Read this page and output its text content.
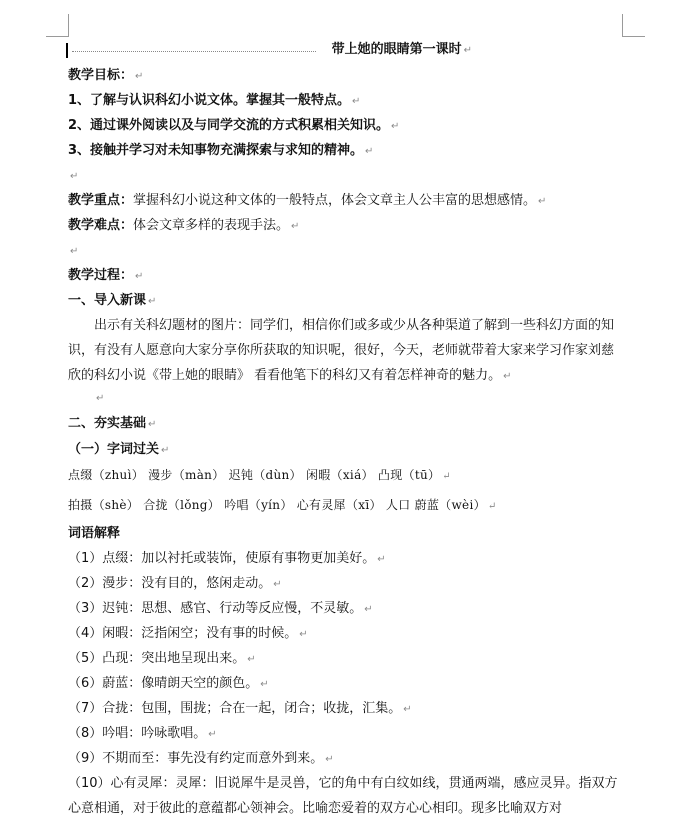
带上她的眼睛第一课时 ↵
教学目标： ↵
1、了解与认识科幻小说文体。掌握其一般特点。 ↵
2、通过课外阅读以及与同学交流的方式积累相关知识。 ↵
3、接触并学习对未知事物充满探索与求知的精神。 ↵
↵
教学重点：掌握科幻小说这种文体的一般特点，体会文章主人公丰富的思想感情。 ↵
教学难点：体会文章多样的表现手法。 ↵
↵
教学过程： ↵
一、导入新课 ↵
出示有关科幻题材的图片：同学们，相信你们或多或少从各种渠道了解到一些科幻方面的知识，有没有人愿意向大家分享你所获取的知识呢，很好，今天，老师就带着大家来学习作家刘慈欣的科幻小说《带上她的眼睛》 看看他笔下的科幻又有着怎样神奇的魅力。 ↵
↵
二、夯实基础 ↵
（一）字词过关 ↵
点缀（zhuì） 漫步（màn） 迟钝（dùn） 闲暇（xiá） 凸现（tū） ↵
拍摄（shè） 合拢（lǒng） 吟唱（yín） 心有灵犀（xī） 人口 蔚蓝（wèi） ↵
词语解释
（1）点缀：加以衬托或装饰，使原有事物更加美好。 ↵
（2）漫步：没有目的，悠闲走动。 ↵
（3）迟钝：思想、感官、行动等反应慢，不灵敏。 ↵
（4）闲暇：泛指闲空；没有事的时候。 ↵
（5）凸现：突出地呈现出来。 ↵
（6）蔚蓝：像晴朗天空的颜色。 ↵
（7）合拢：包围，围拢；合在一起，闭合；收拢，汇集。 ↵
（8）吟唱：吟咏歌唱。 ↵
（9）不期而至：事先没有约定而意外到来。 ↵
（10）心有灵犀：灵犀：旧说犀牛是灵兽，它的角中有白纹如线，贯通两端，感应灵异。指双方心意相通，对于彼此的意蕴都心领神会。比喻恋爱着的双方心心相印。现多比喻双方对
